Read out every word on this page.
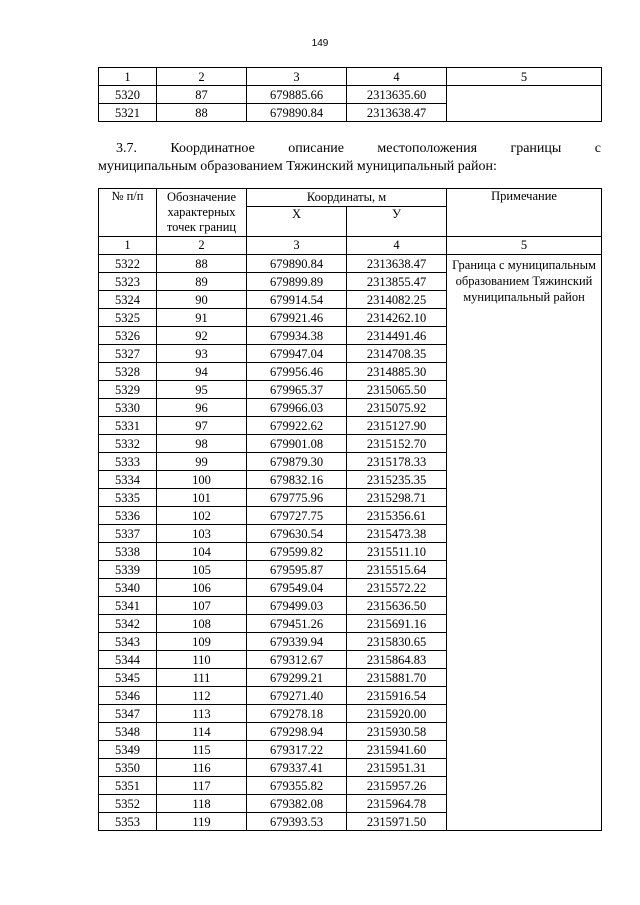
149
1	2	3	4	5
5320	87	679885.66	2313635.60	
5321	88	679890.84	2313638.47	
3.7. Координатное описание местоположения границы с
муниципальным образованием Тяжинский муниципальный район:
№ п/п	Обозначение характерных точек границ	Координаты, м		Примечание
		X	У	
1	2	3	4	5
5322	88	679890.84	2313638.47	Граница с муниципальным образованием Тяжинский муниципальный район
5323	89	679899.89	2313855.47	
5324	90	679914.54	2314082.25	
5325	91	679921.46	2314262.10	
5326	92	679934.38	2314491.46	
5327	93	679947.04	2314708.35	
5328	94	679956.46	2314885.30	
5329	95	679965.37	2315065.50	
5330	96	679966.03	2315075.92	
5331	97	679922.62	2315127.90	
5332	98	679901.08	2315152.70	
5333	99	679879.30	2315178.33	
5334	100	679832.16	2315235.35	
5335	101	679775.96	2315298.71	
5336	102	679727.75	2315356.61	
5337	103	679630.54	2315473.38	
5338	104	679599.82	2315511.10	
5339	105	679595.87	2315515.64	
5340	106	679549.04	2315572.22	
5341	107	679499.03	2315636.50	
5342	108	679451.26	2315691.16	
5343	109	679339.94	2315830.65	
5344	110	679312.67	2315864.83	
5345	111	679299.21	2315881.70	
5346	112	679271.40	2315916.54	
5347	113	679278.18	2315920.00	
5348	114	679298.94	2315930.58	
5349	115	679317.22	2315941.60	
5350	116	679337.41	2315951.31	
5351	117	679355.82	2315957.26	
5352	118	679382.08	2315964.78	
5353	119	679393.53	2315971.50	
